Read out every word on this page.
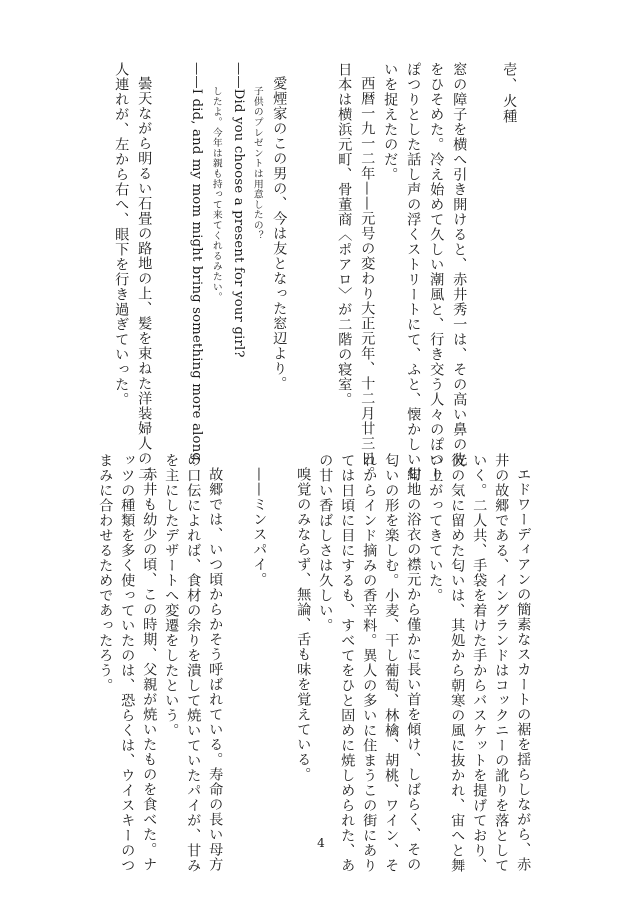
壱、火種
窓の障子を横へ引き開けると、赤井秀一は、その高い鼻の先
をひそめた。冷え始めて久しい潮風と、行き交う人々のぽつり
ぽつりとした話し声の浮くストリートにて、ふと、懐かしい匂
いを捉えたのだ。
西暦一九一二年——元号の変わり大正元年、十二月廿三日。
日本は横浜元町、骨董商〈ポアロ〉が二階の寝室。
愛煙家のこの男の、今は友となった窓辺より。
子供のプレゼントは用意したの？
——Did you choose a present for your girl?
したよ。今年は親も持って来てくれるみたい。
——I did, and my mom might bring something more along.
曇天ながら明るい石畳の路地の上、髪を束ねた洋装婦人の二
人連れが、左から右へ、眼下を行き過ぎていった。
エドワーディアンの簡素なスカートの裾を揺らしながら、赤
井の故郷である、イングランドはコックニーの訛りを落として
いく。二人共、手袋を着けた手からバスケットを提げており、
彼の気に留めた匂いは、其処から朝寒の風に抜かれ、宙へと舞
い上がってきていた。
紺地の浴衣の襟元から僅かに長い首を傾け、しばらく、その
匂いの形を楽しむ。小麦、干し葡萄、林檎、胡桃、ワイン、そ
れからインド摘みの香辛料。異人の多いに住まうこの街にあり
ては日頃に目にするも、すべてをひと固めに焼しめられた、あ
の甘い香ばしさは久しい。
嗅覚のみならず、無論、舌も味を覚えている。
——ミンスパイ。
故郷では、いつ頃からかそう呼ばれている。寿命の長い母方
の口伝によれば、食材の余りを潰して焼いていたパイが、甘み
を主にしたデザートへ変遷をしたという。
赤井も幼少の頃、この時期、父親が焼いたものを食べた。ナ
ッツの種類を多く使っていたのは、恐らくは、ウイスキーのつ
まみに合わせるためであったろう。
4
